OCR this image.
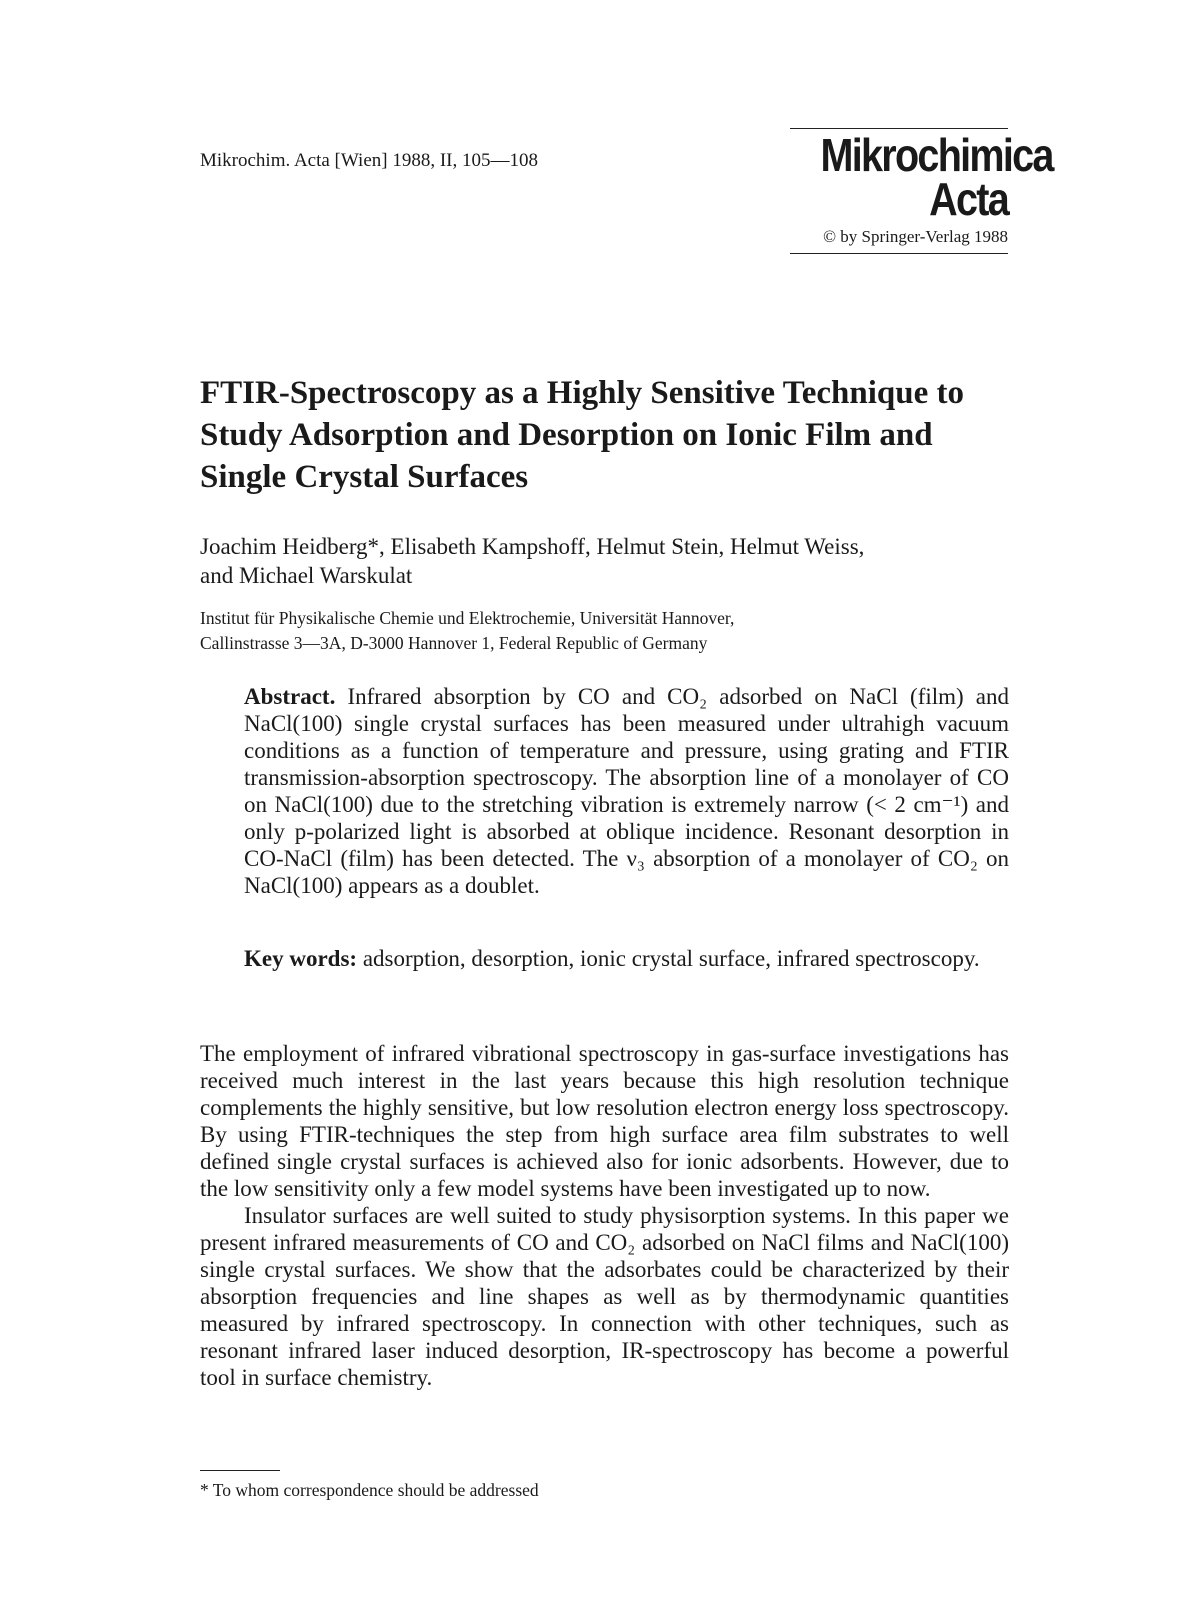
Mikrochim. Acta [Wien] 1988, II, 105—108	Mikrochimica
Acta
© by Springer-Verlag 1988
FTIR-Spectroscopy as a Highly Sensitive Technique to Study Adsorption and Desorption on Ionic Film and Single Crystal Surfaces

Joachim Heidberg*, Elisabeth Kampshoff, Helmut Stein, Helmut Weiss,
and Michael Warskulat

Institut für Physikalische Chemie und Elektrochemie, Universität Hannover,
Callinstrasse 3—3A, D-3000 Hannover 1, Federal Republic of Germany

Abstract. Infrared absorption by CO and CO₂ adsorbed on NaCl (film) and NaCl(100) single crystal surfaces has been measured under ultrahigh vacuum conditions as a function of temperature and pressure, using grating and FTIR transmission-absorption spectroscopy. The absorption line of a monolayer of CO on NaCl(100) due to the stretching vibration is extremely narrow (< 2 cm⁻¹) and only p-polarized light is absorbed at oblique incidence. Resonant desorption in CO-NaCl (film) has been detected. The ν₃ absorption of a monolayer of CO₂ on NaCl(100) appears as a doublet.

Key words: adsorption, desorption, ionic crystal surface, infrared spectroscopy.

The employment of infrared vibrational spectroscopy in gas-surface investigations has received much interest in the last years because this high resolution technique complements the highly sensitive, but low resolution electron energy loss spectroscopy. By using FTIR-techniques the step from high surface area film substrates to well defined single crystal surfaces is achieved also for ionic adsorbents. However, due to the low sensitivity only a few model systems have been investigated up to now.

Insulator surfaces are well suited to study physisorption systems. In this paper we present infrared measurements of CO and CO₂ adsorbed on NaCl films and NaCl(100) single crystal surfaces. We show that the adsorbates could be characterized by their absorption frequencies and line shapes as well as by thermodynamic quantities measured by infrared spectroscopy. In connection with other techniques, such as resonant infrared laser induced desorption, IR-spectroscopy has become a powerful tool in surface chemistry.

* To whom correspondence should be addressed
